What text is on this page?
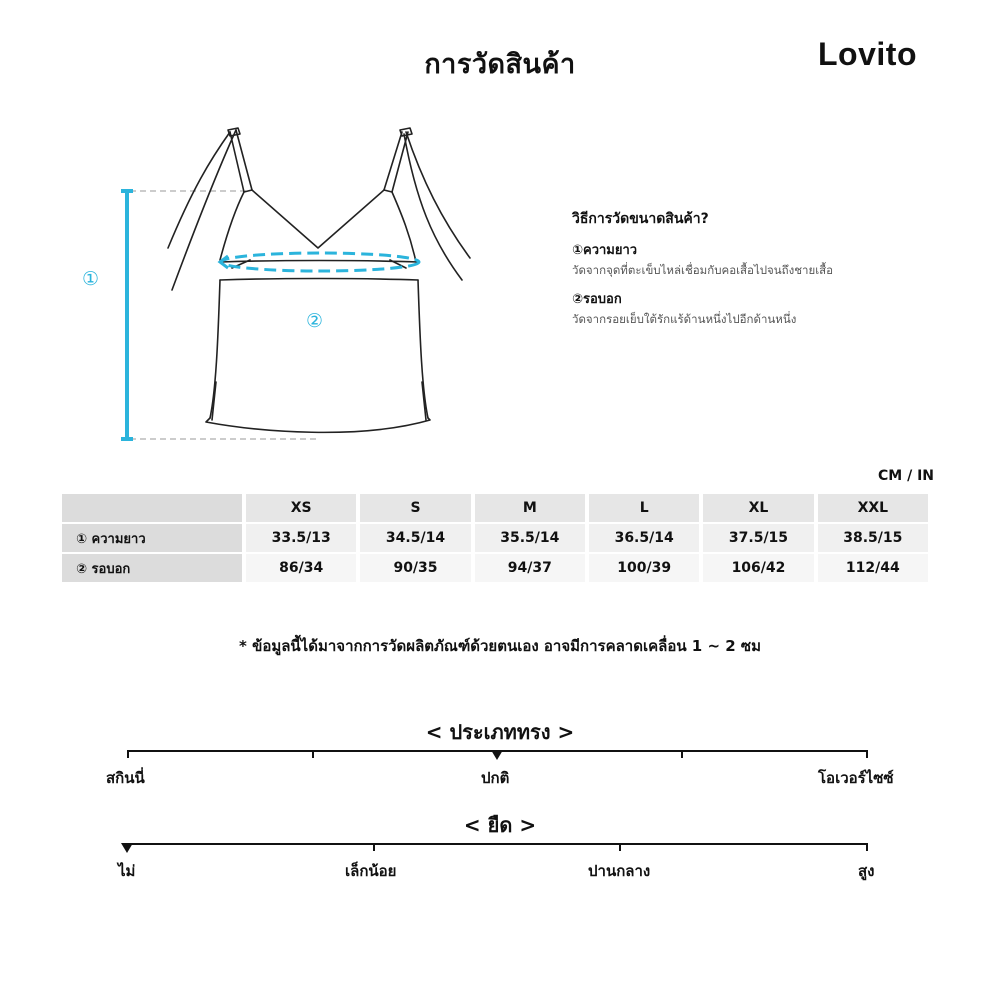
การวัดสินค้า	Lovito
①
②
วิธีการวัดขนาดสินค้า?
①ความยาว
วัดจากจุดที่ตะเข็บไหล่เชื่อมกับคอเสื้อไปจนถึงชายเสื้อ
②รอบอก
วัดจากรอยเย็บใต้รักแร้ด้านหนึ่งไปอีกด้านหนึ่ง
CM / IN
	XS	S	M	L	XL	XXL
① ความยาว	33.5/13	34.5/14	35.5/14	36.5/14	37.5/15	38.5/15
② รอบอก	86/34	90/35	94/37	100/39	106/42	112/44
* ข้อมูลนี้ได้มาจากการวัดผลิตภัณฑ์ด้วยตนเอง อาจมีการคลาดเคลื่อน 1 ~ 2 ซม
< ประเภททรง >
สกินนี่	ปกติ	โอเวอร์ไซซ์
< ยืด >
ไม่	เล็กน้อย	ปานกลาง	สูง
